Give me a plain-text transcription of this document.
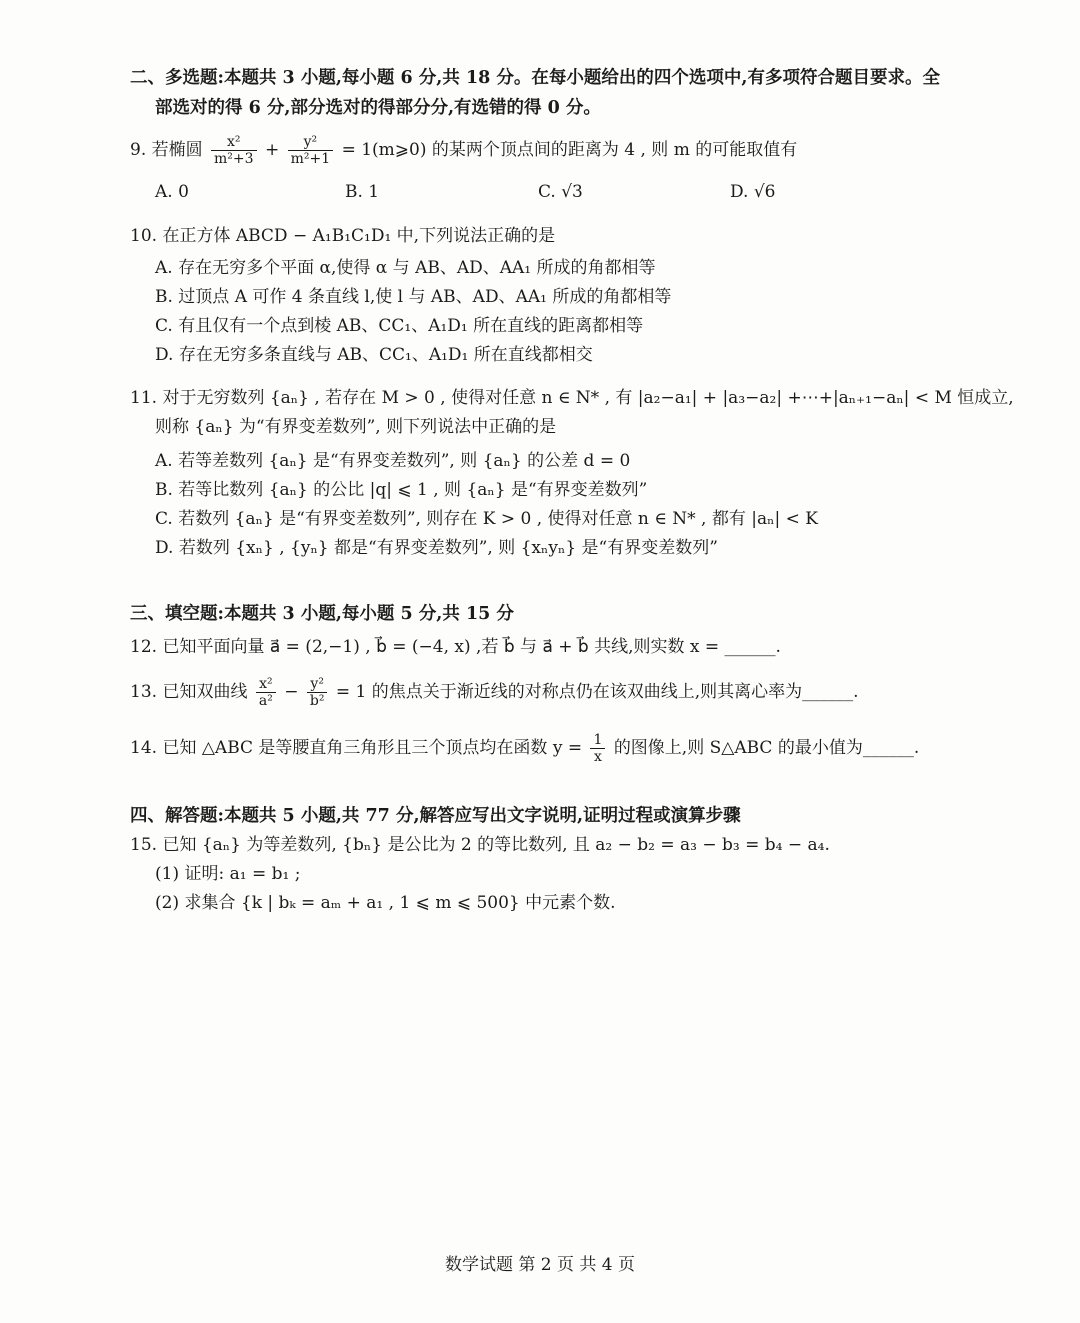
二、多选题:本题共 3 小题,每小题 6 分,共 18 分。在每小题给出的四个选项中,有多项符合题目要求。全
部选对的得 6 分,部分选对的得部分分,有选错的得 0 分。
9. 若椭圆 $\frac{\text{x²}}{\text{m²+3}} + \frac{\text{y²}}{\text{m²+1}}$ = 1(m⩾0) 的某两个顶点间的距离为 4 , 则 m 的可能取值有
A. 0	B. 1	C. √3	D. √6
10. 在正方体 ABCD − A₁B₁C₁D₁ 中,下列说法正确的是
A. 存在无穷多个平面 α,使得 α 与 AB、AD、AA₁ 所成的角都相等
B. 过顶点 A 可作 4 条直线 l,使 l 与 AB、AD、AA₁ 所成的角都相等
C. 有且仅有一个点到棱 AB、CC₁、A₁D₁ 所在直线的距离都相等
D. 存在无穷多条直线与 AB、CC₁、A₁D₁ 所在直线都相交
11. 对于无穷数列 {aₙ} , 若存在 M > 0 , 使得对任意 n ∈ N* , 有 |a₂−a₁| + |a₃−a₂| +⋯+|aₙ₊₁−aₙ| < M 恒成立,
则称 {aₙ} 为“有界变差数列”, 则下列说法中正确的是
A. 若等差数列 {aₙ} 是“有界变差数列”, 则 {aₙ} 的公差 d = 0
B. 若等比数列 {aₙ} 的公比 |q| ⩽ 1 , 则 {aₙ} 是“有界变差数列”
C. 若数列 {aₙ} 是“有界变差数列”, 则存在 K > 0 , 使得对任意 n ∈ N* , 都有 |aₙ| < K
D. 若数列 {xₙ} , {yₙ} 都是“有界变差数列”, 则 {xₙyₙ} 是“有界变差数列”
三、填空题:本题共 3 小题,每小题 5 分,共 15 分
12. 已知平面向量 a⃗ = (2,−1) , b⃗ = (−4, x) ,若 b⃗ 与 a⃗ + b⃗ 共线,则实数 x = ______.
13. 已知双曲线 $\frac{\text{x²}}{\text{a²}} - \frac{\text{y²}}{\text{b²}} = 1$ 的焦点关于渐近线的对称点仍在该双曲线上,则其离心率为______.
14. 已知 △ABC 是等腰直角三角形且三个顶点均在函数 $y = \frac{1}{x}$ 的图像上,则 S△ABC 的最小值为______.
四、解答题:本题共 5 小题,共 77 分,解答应写出文字说明,证明过程或演算步骤
15. 已知 {aₙ} 为等差数列, {bₙ} 是公比为 2 的等比数列, 且 a₂ − b₂ = a₃ − b₃ = b₄ − a₄.
(1) 证明: a₁ = b₁ ;
(2) 求集合 {k | bₖ = aₘ + a₁ , 1 ⩽ m ⩽ 500} 中元素个数.
数学试题 第 2 页 共 4 页
